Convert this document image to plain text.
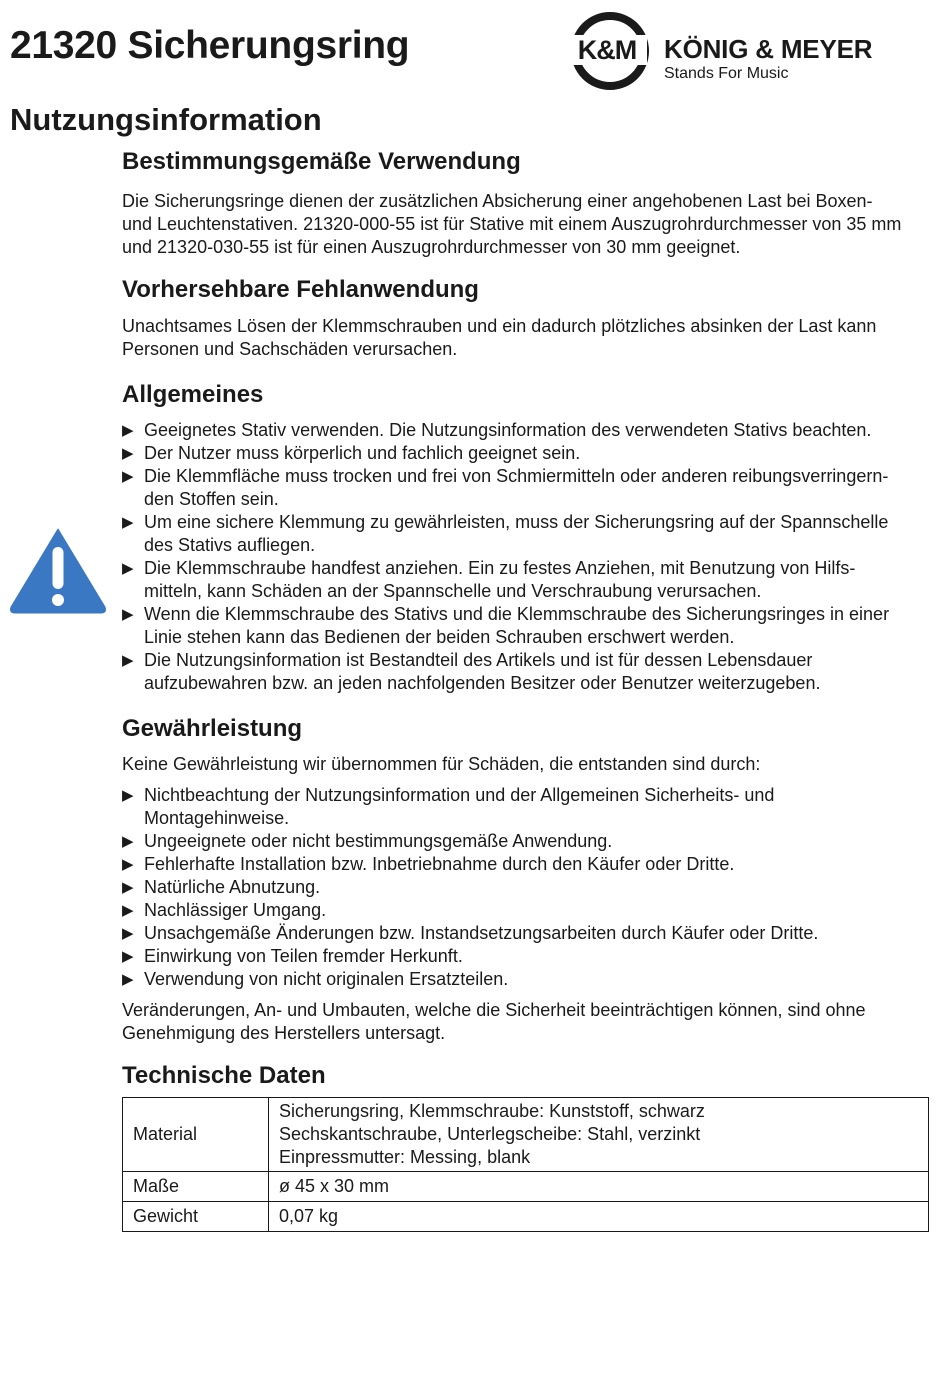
21320 Sicherungsring	K&M	KÖNIG & MEYER
Stands For Music
Nutzungsinformation
Bestimmungsgemäße Verwendung

Die Sicherungsringe dienen der zusätzlichen Absicherung einer angehobenen Last bei Boxen-
und Leuchtenstativen. 21320-000-55 ist für Stative mit einem Auszugrohrdurchmesser von 35 mm
und 21320-030-55 ist für einen Auszugrohrdurchmesser von 30 mm geeignet.

Vorhersehbare Fehlanwendung

Unachtsames Lösen der Klemmschrauben und ein dadurch plötzliches absinken der Last kann
Personen und Sachschäden verursachen.

Allgemeines
▶ Geeignetes Stativ verwenden. Die Nutzungsinformation des verwendeten Stativs beachten.
▶ Der Nutzer muss körperlich und fachlich geeignet sein.
▶ Die Klemmfläche muss trocken und frei von Schmiermitteln oder anderen reibungsverringern-
den Stoffen sein.
▶ Um eine sichere Klemmung zu gewährleisten, muss der Sicherungsring auf der Spannschelle
des Stativs aufliegen.
▶ Die Klemmschraube handfest anziehen. Ein zu festes Anziehen, mit Benutzung von Hilfs-
mitteln, kann Schäden an der Spannschelle und Verschraubung verursachen.
▶ Wenn die Klemmschraube des Stativs und die Klemmschraube des Sicherungsringes in einer
Linie stehen kann das Bedienen der beiden Schrauben erschwert werden.
▶ Die Nutzungsinformation ist Bestandteil des Artikels und ist für dessen Lebensdauer
aufzubewahren bzw. an jeden nachfolgenden Besitzer oder Benutzer weiterzugeben.
Gewährleistung

Keine Gewährleistung wir übernommen für Schäden, die entstanden sind durch:

▶ Nichtbeachtung der Nutzungsinformation und der Allgemeinen Sicherheits- und
Montagehinweise.
▶ Ungeeignete oder nicht bestimmungsgemäße Anwendung.
▶ Fehlerhafte Installation bzw. Inbetriebnahme durch den Käufer oder Dritte.
▶ Natürliche Abnutzung.
▶ Nachlässiger Umgang.
▶ Unsachgemäße Änderungen bzw. Instandsetzungsarbeiten durch Käufer oder Dritte.
▶ Einwirkung von Teilen fremder Herkunft.
▶ Verwendung von nicht originalen Ersatzteilen.

Veränderungen, An- und Umbauten, welche die Sicherheit beeinträchtigen können, sind ohne
Genehmigung des Herstellers untersagt.

Technische Daten
Material	Sicherungsring, Klemmschraube: Kunststoff, schwarz
Sechskantschraube, Unterlegscheibe: Stahl, verzinkt
Einpressmutter: Messing, blank
Maße	ø 45 x 30 mm
Gewicht	0,07 kg
